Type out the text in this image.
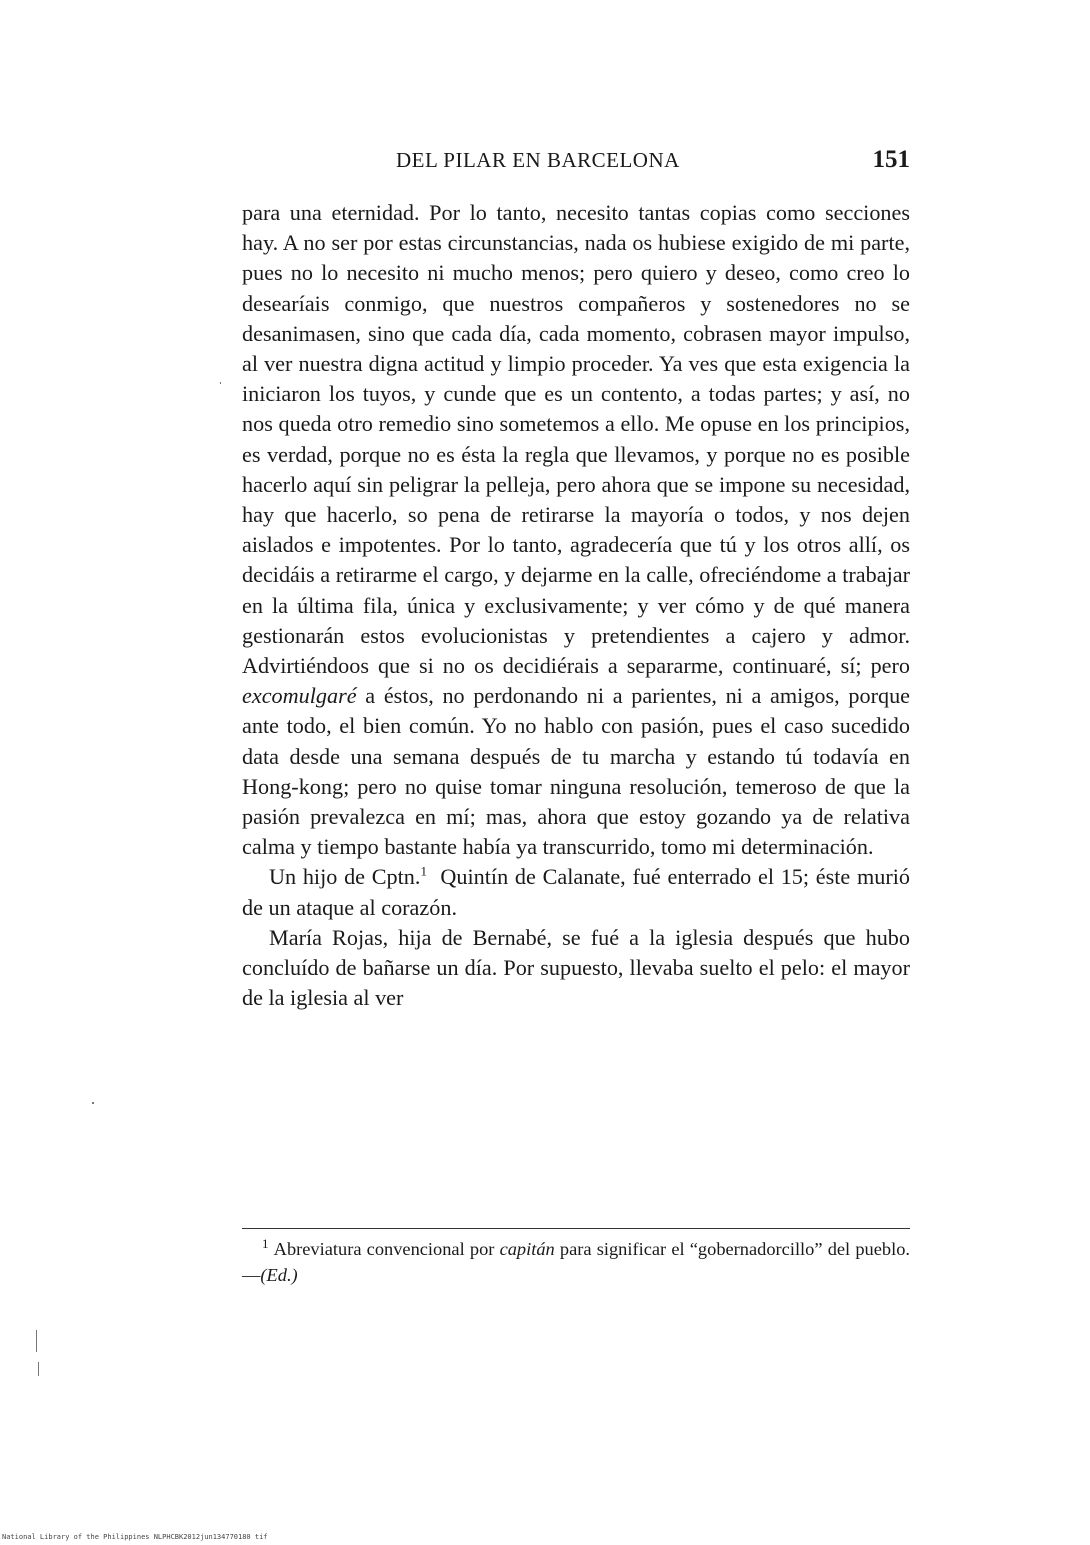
DEL PILAR EN BARCELONA	151

para una eternidad. Por lo tanto, necesito tantas copias como secciones hay. A no ser por estas circunstancias, nada os hubiese exigido de mi parte, pues no lo necesito ni mucho menos; pero quiero y deseo, como creo lo desearíais conmigo, que nuestros compañeros y sostenedores no se desanimasen, sino que cada día, cada momento, cobrasen mayor impulso, al ver nuestra digna actitud y limpio proceder. Ya ves que esta exigencia la iniciaron los tuyos, y cunde que es un contento, a todas partes; y así, no nos queda otro remedio sino sometemos a ello. Me opuse en los principios, es verdad, porque no es ésta la regla que llevamos, y porque no es posible hacerlo aquí sin peligrar la pelleja, pero ahora que se impone su necesidad, hay que hacerlo, so pena de retirarse la mayoría o todos, y nos dejen aislados e impotentes. Por lo tanto, agradecería que tú y los otros allí, os decidáis a retirarme el cargo, y dejarme en la calle, ofreciéndome a trabajar en la última fila, única y exclusivamente; y ver cómo y de qué manera gestionarán estos evolucionistas y pretendientes a cajero y admor. Advirtiéndoos que si no os decidiérais a separarme, continuaré, sí; pero excomulgaré a éstos, no perdonando ni a parientes, ni a amigos, porque ante todo, el bien común. Yo no hablo con pasión, pues el caso sucedido data desde una semana después de tu marcha y estando tú todavía en Hong-kong; pero no quise tomar ninguna resolución, temeroso de que la pasión prevalezca en mí; mas, ahora que estoy gozando ya de relativa calma y tiempo bastante había ya transcurrido, tomo mi determinación.

Un hijo de Cptn.$^1$ Quintín de Calanate, fué enterrado el 15; éste murió de un ataque al corazón.

María Rojas, hija de Bernabé, se fué a la iglesia después que hubo concluído de bañarse un día. Por supuesto, llevaba suelto el pelo: el mayor de la iglesia al ver

$^1$ Abreviatura convencional por capitán para significar el “gobernadorcillo” del pueblo.—(Ed.)

National Library of the Philippines NLPHCBK2012jun134770180 tif
